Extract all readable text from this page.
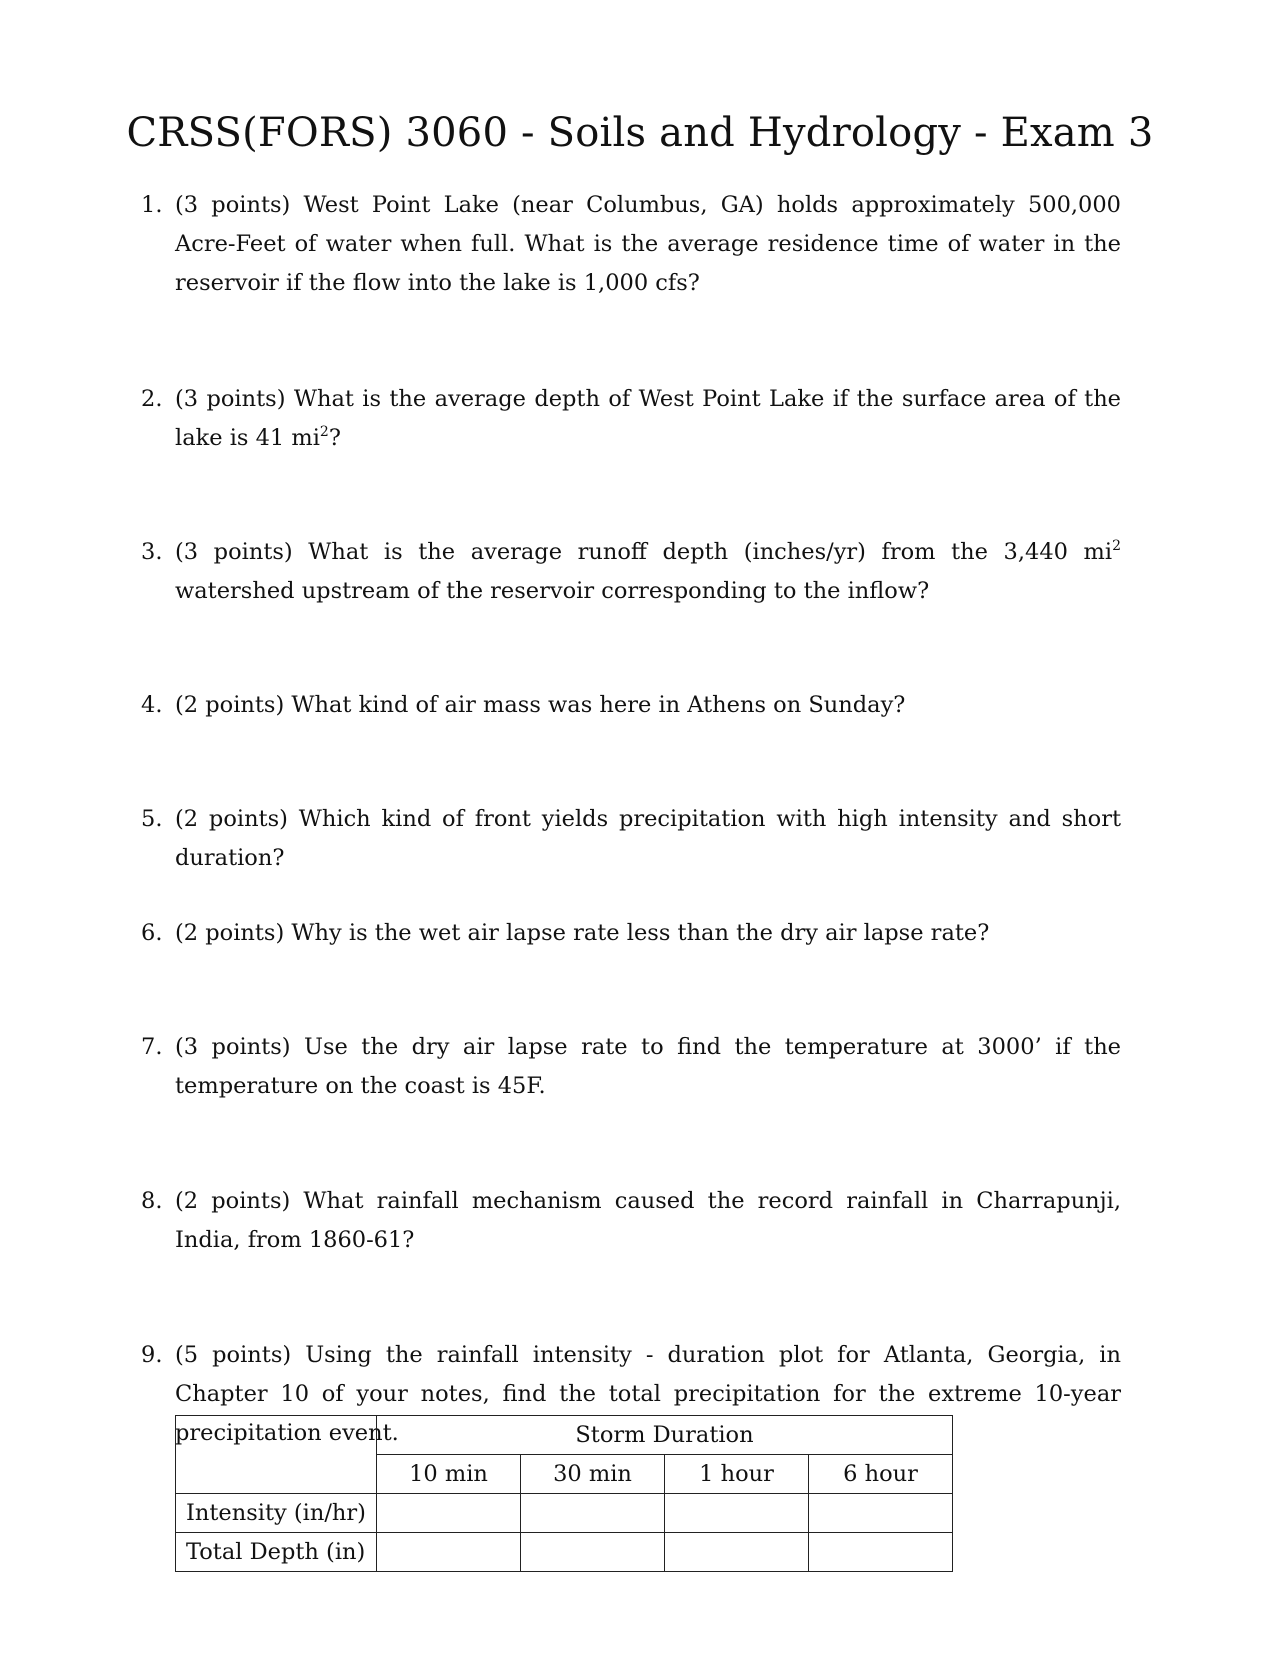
CRSS(FORS) 3060 - Soils and Hydrology - Exam 3
1. (3 points) West Point Lake (near Columbus, GA) holds approximately 500,000 Acre-Feet of water when full. What is the average residence time of water in the reservoir if the flow into the lake is 1,000 cfs?
2. (3 points) What is the average depth of West Point Lake if the surface area of the lake is 41 $mi^2$?
3. (3 points) What is the average runoff depth (inches/yr) from the 3,440 $mi^2$ watershed upstream of the reservoir corresponding to the inflow?
4. (2 points) What kind of air mass was here in Athens on Sunday?
5. (2 points) Which kind of front yields precipitation with high intensity and short duration?
6. (2 points) Why is the wet air lapse rate less than the dry air lapse rate?
7. (3 points) Use the dry air lapse rate to find the temperature at 3000’ if the temperature on the coast is 45F.
8. (2 points) What rainfall mechanism caused the record rainfall in Charrapunji, India, from 1860-61?
9. (5 points) Using the rainfall intensity - duration plot for Atlanta, Georgia, in Chapter 10 of your notes, find the total precipitation for the extreme 10-year precipitation event.
		Storm Duration			
	10 min	30 min	1 hour	6 hour
Intensity (in/hr)				
Total Depth (in)				
